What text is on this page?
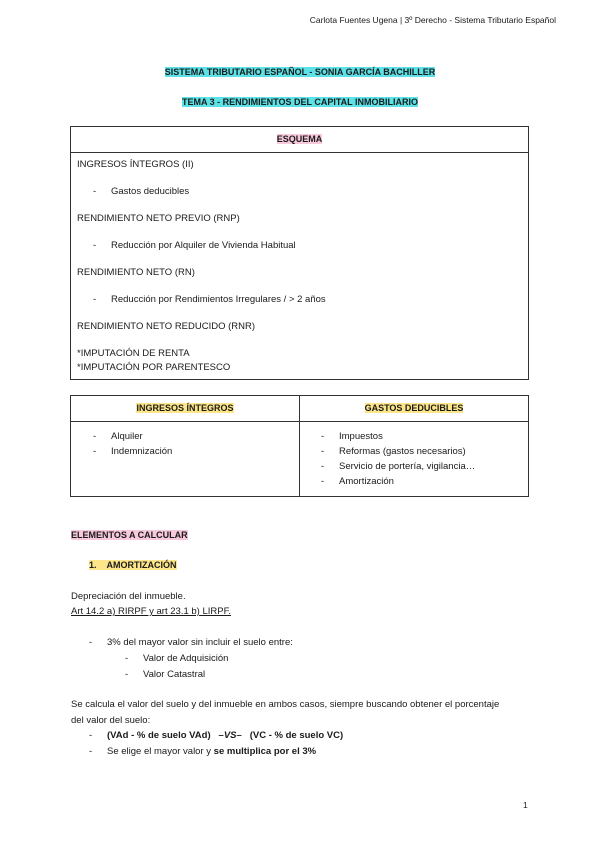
Carlota Fuentes Ugena | 3º Derecho - Sistema Tributario Español
SISTEMA TRIBUTARIO ESPAÑOL - SONIA GARCÍA BACHILLER
TEMA 3 - RENDIMIENTOS DEL CAPITAL INMOBILIARIO
ESQUEMA
INGRESOS ÍNTEGROS (II)
- Gastos deducibles
RENDIMIENTO NETO PREVIO (RNP)
- Reducción por Alquiler de Vivienda Habitual
RENDIMIENTO NETO (RN)
- Reducción por Rendimientos Irregulares / > 2 años
RENDIMIENTO NETO REDUCIDO (RNR)
*IMPUTACIÓN DE RENTA
*IMPUTACIÓN POR PARENTESCO
INGRESOS ÍNTEGROS	GASTOS DEDUCIBLES
- Alquiler
- Indemnización
- Impuestos
- Reformas (gastos necesarios)
- Servicio de portería, vigilancia…
- Amortización
ELEMENTOS A CALCULAR
1. AMORTIZACIÓN
Depreciación del inmueble.
Art 14.2 a) RIRPF y art 23.1 b) LIRPF.
- 3% del mayor valor sin incluir el suelo entre:
- Valor de Adquisición
- Valor Catastral
Se calcula el valor del suelo y del inmueble en ambos casos, siempre buscando obtener el porcentaje
del valor del suelo:
- (VAd - % de suelo VAd) –VS– (VC - % de suelo VC)
- Se elige el mayor valor y se multiplica por el 3%
1
